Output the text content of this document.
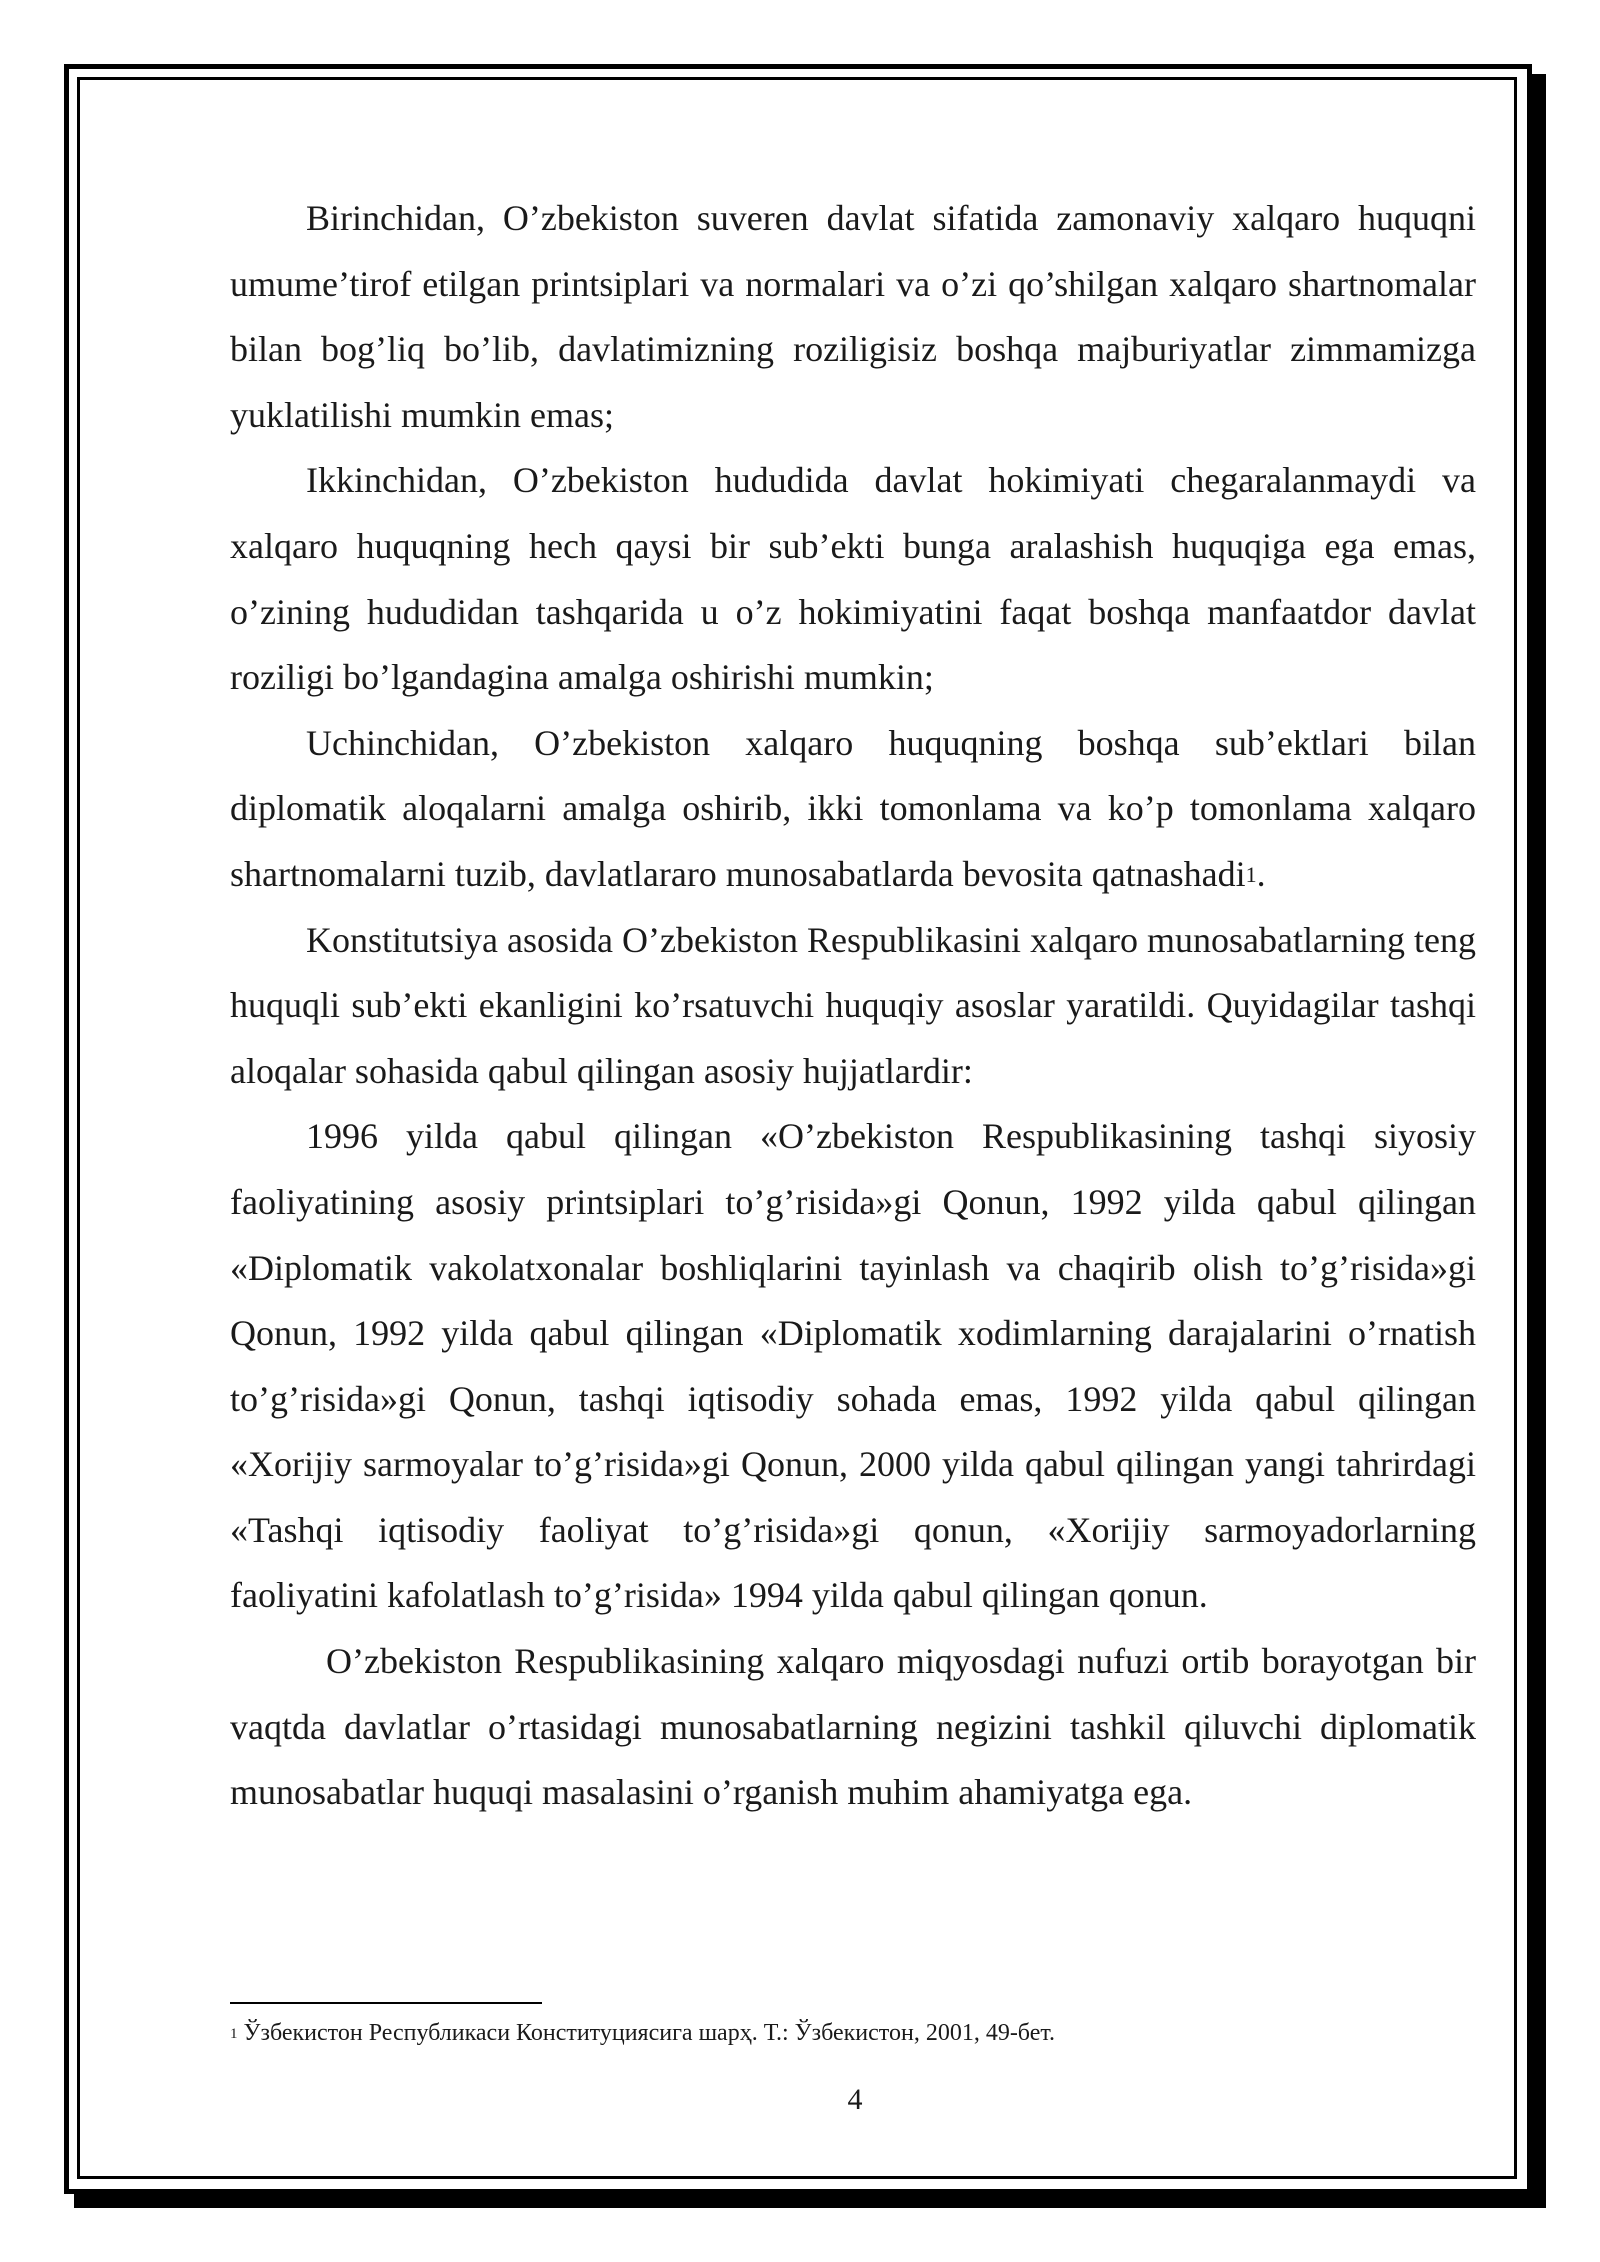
Birinchidan, O’zbekiston suveren davlat sifatida zamonaviy xalqaro huquqni umume’tirof etilgan printsiplari va normalari va o’zi qo’shilgan xalqaro shartnomalar bilan bog’liq bo’lib, davlatimizning roziligisiz boshqa majburiyatlar zimmamizga yuklatilishi mumkin emas;

Ikkinchidan, O’zbekiston hududida davlat hokimiyati chegaralanmaydi va xalqaro huquqning hech qaysi bir sub’ekti bunga aralashish huquqiga ega emas, o’zining hududidan tashqarida u o’z hokimiyatini faqat boshqa manfaatdor davlat roziligi bo’lgandagina amalga oshirishi mumkin;

Uchinchidan, O’zbekiston xalqaro huquqning boshqa sub’ektlari bilan diplomatik aloqalarni amalga oshirib, ikki tomonlama va ko’p tomonlama xalqaro shartnomalarni tuzib, davlatlararo munosabatlarda bevosita qatnashadi$^1$.

Konstitutsiya asosida O’zbekiston Respublikasini xalqaro munosabatlarning teng huquqli sub’ekti ekanligini ko’rsatuvchi huquqiy asoslar yaratildi. Quyidagilar tashqi aloqalar sohasida qabul qilingan asosiy hujjatlardir:

1996 yilda qabul qilingan «O’zbekiston Respublikasining tashqi siyosiy faoliyatining asosiy printsiplari to’g’risida»gi Qonun, 1992 yilda qabul qilingan «Diplomatik vakolatxonalar boshliqlarini tayinlash va chaqirib olish to’g’risida»gi Qonun, 1992 yilda qabul qilingan «Diplomatik xodimlarning darajalarini o’rnatish to’g’risida»gi Qonun, tashqi iqtisodiy sohada emas, 1992 yilda qabul qilingan «Xorijiy sarmoyalar to’g’risida»gi Qonun, 2000 yilda qabul qilingan yangi tahrirdagi «Tashqi iqtisodiy faoliyat to’g’risida»gi qonun, «Xorijiy sarmoyadorlarning faoliyatini kafolatlash to’g’risida» 1994 yilda qabul qilingan qonun.

O’zbekiston Respublikasining xalqaro miqyosdagi nufuzi ortib borayotgan bir vaqtda davlatlar o’rtasidagi munosabatlarning negizini tashkil qiluvchi diplomatik munosabatlar huquqi masalasini o’rganish muhim ahamiyatga ega.

$^1$ Ўзбекистон Республикаси Конституциясига шарҳ. Т.: Ўзбекистон, 2001, 49-бет.
4
